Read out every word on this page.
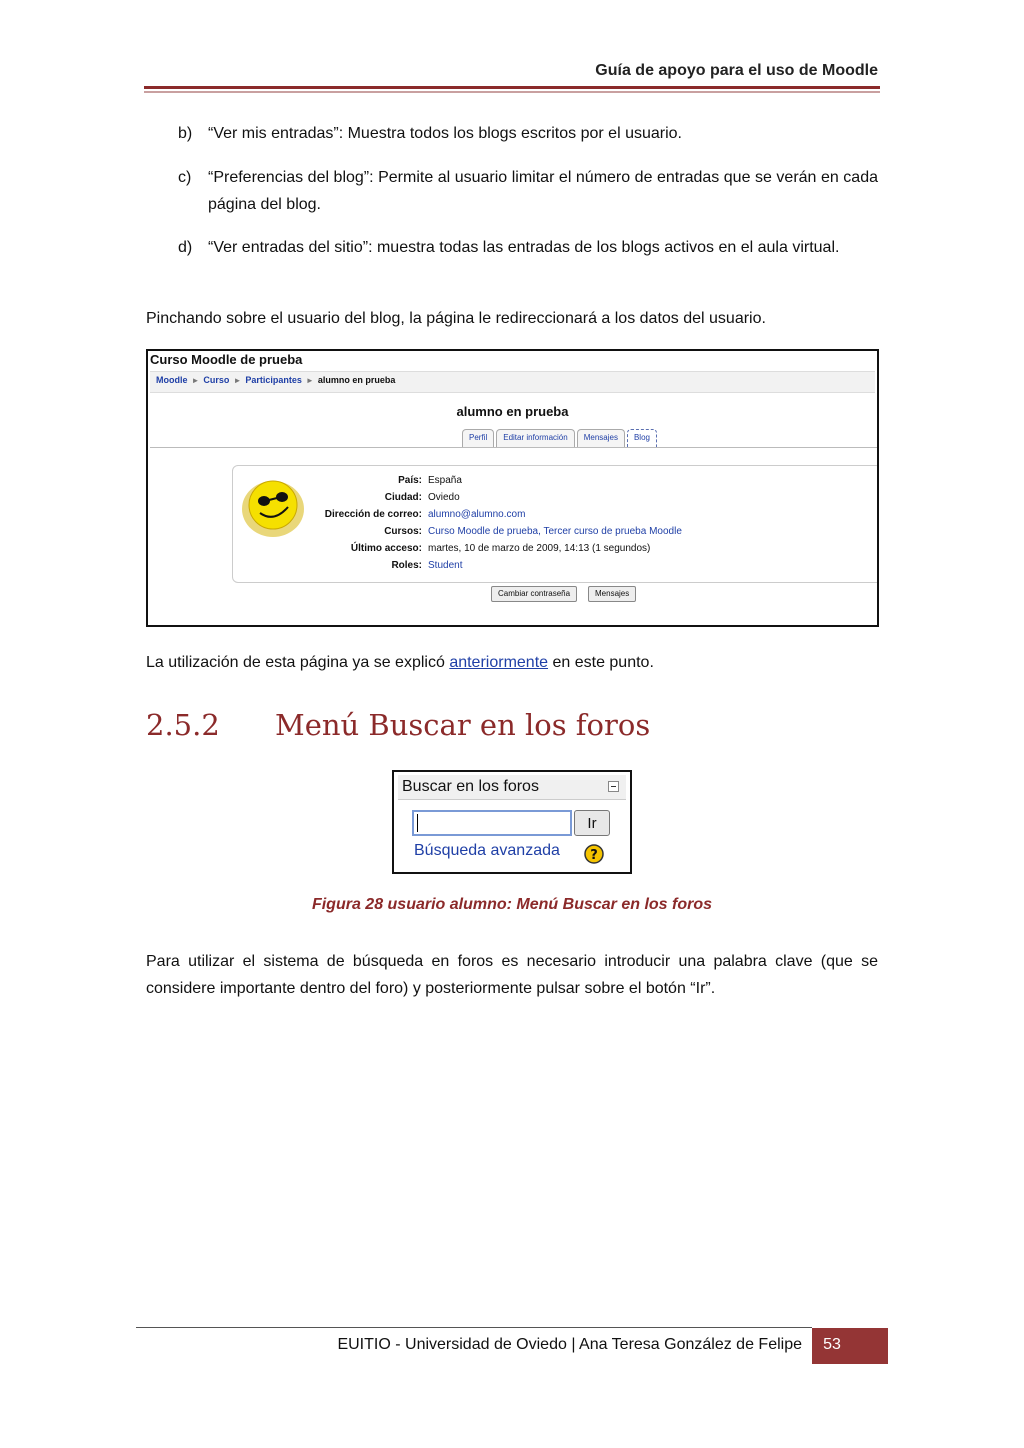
Guía de apoyo para el uso de Moodle
b) “Ver mis entradas”: Muestra todos los blogs escritos por el usuario.
c) “Preferencias del blog”: Permite al usuario limitar el número de entradas que se verán en cada página del blog.
d) “Ver entradas del sitio”: muestra todas las entradas de los blogs activos en el aula virtual.
Pinchando sobre el usuario del blog, la página le redireccionará a los datos del usuario.
Curso Moodle de prueba
Moodle ► Curso ► Participantes ► alumno en prueba
alumno en prueba
Perfil	Editar información	Mensajes	Blog
País: España
Ciudad: Oviedo
Dirección de correo: alumno@alumno.com
Cursos: Curso Moodle de prueba, Tercer curso de prueba Moodle
Último acceso: martes, 10 de marzo de 2009, 14:13 (1 segundos)
Roles: Student
Cambiar contraseña	Mensajes
La utilización de esta página ya se explicó anteriormente en este punto.
2.5.2 Menú Buscar en los foros
Buscar en los foros
Ir
Búsqueda avanzada ?
Figura 28 usuario alumno: Menú Buscar en los foros
Para utilizar el sistema de búsqueda en foros es necesario introducir una palabra clave (que se considere importante dentro del foro) y posteriormente pulsar sobre el botón “Ir”.
EUITIO - Universidad de Oviedo | Ana Teresa González de Felipe	53
